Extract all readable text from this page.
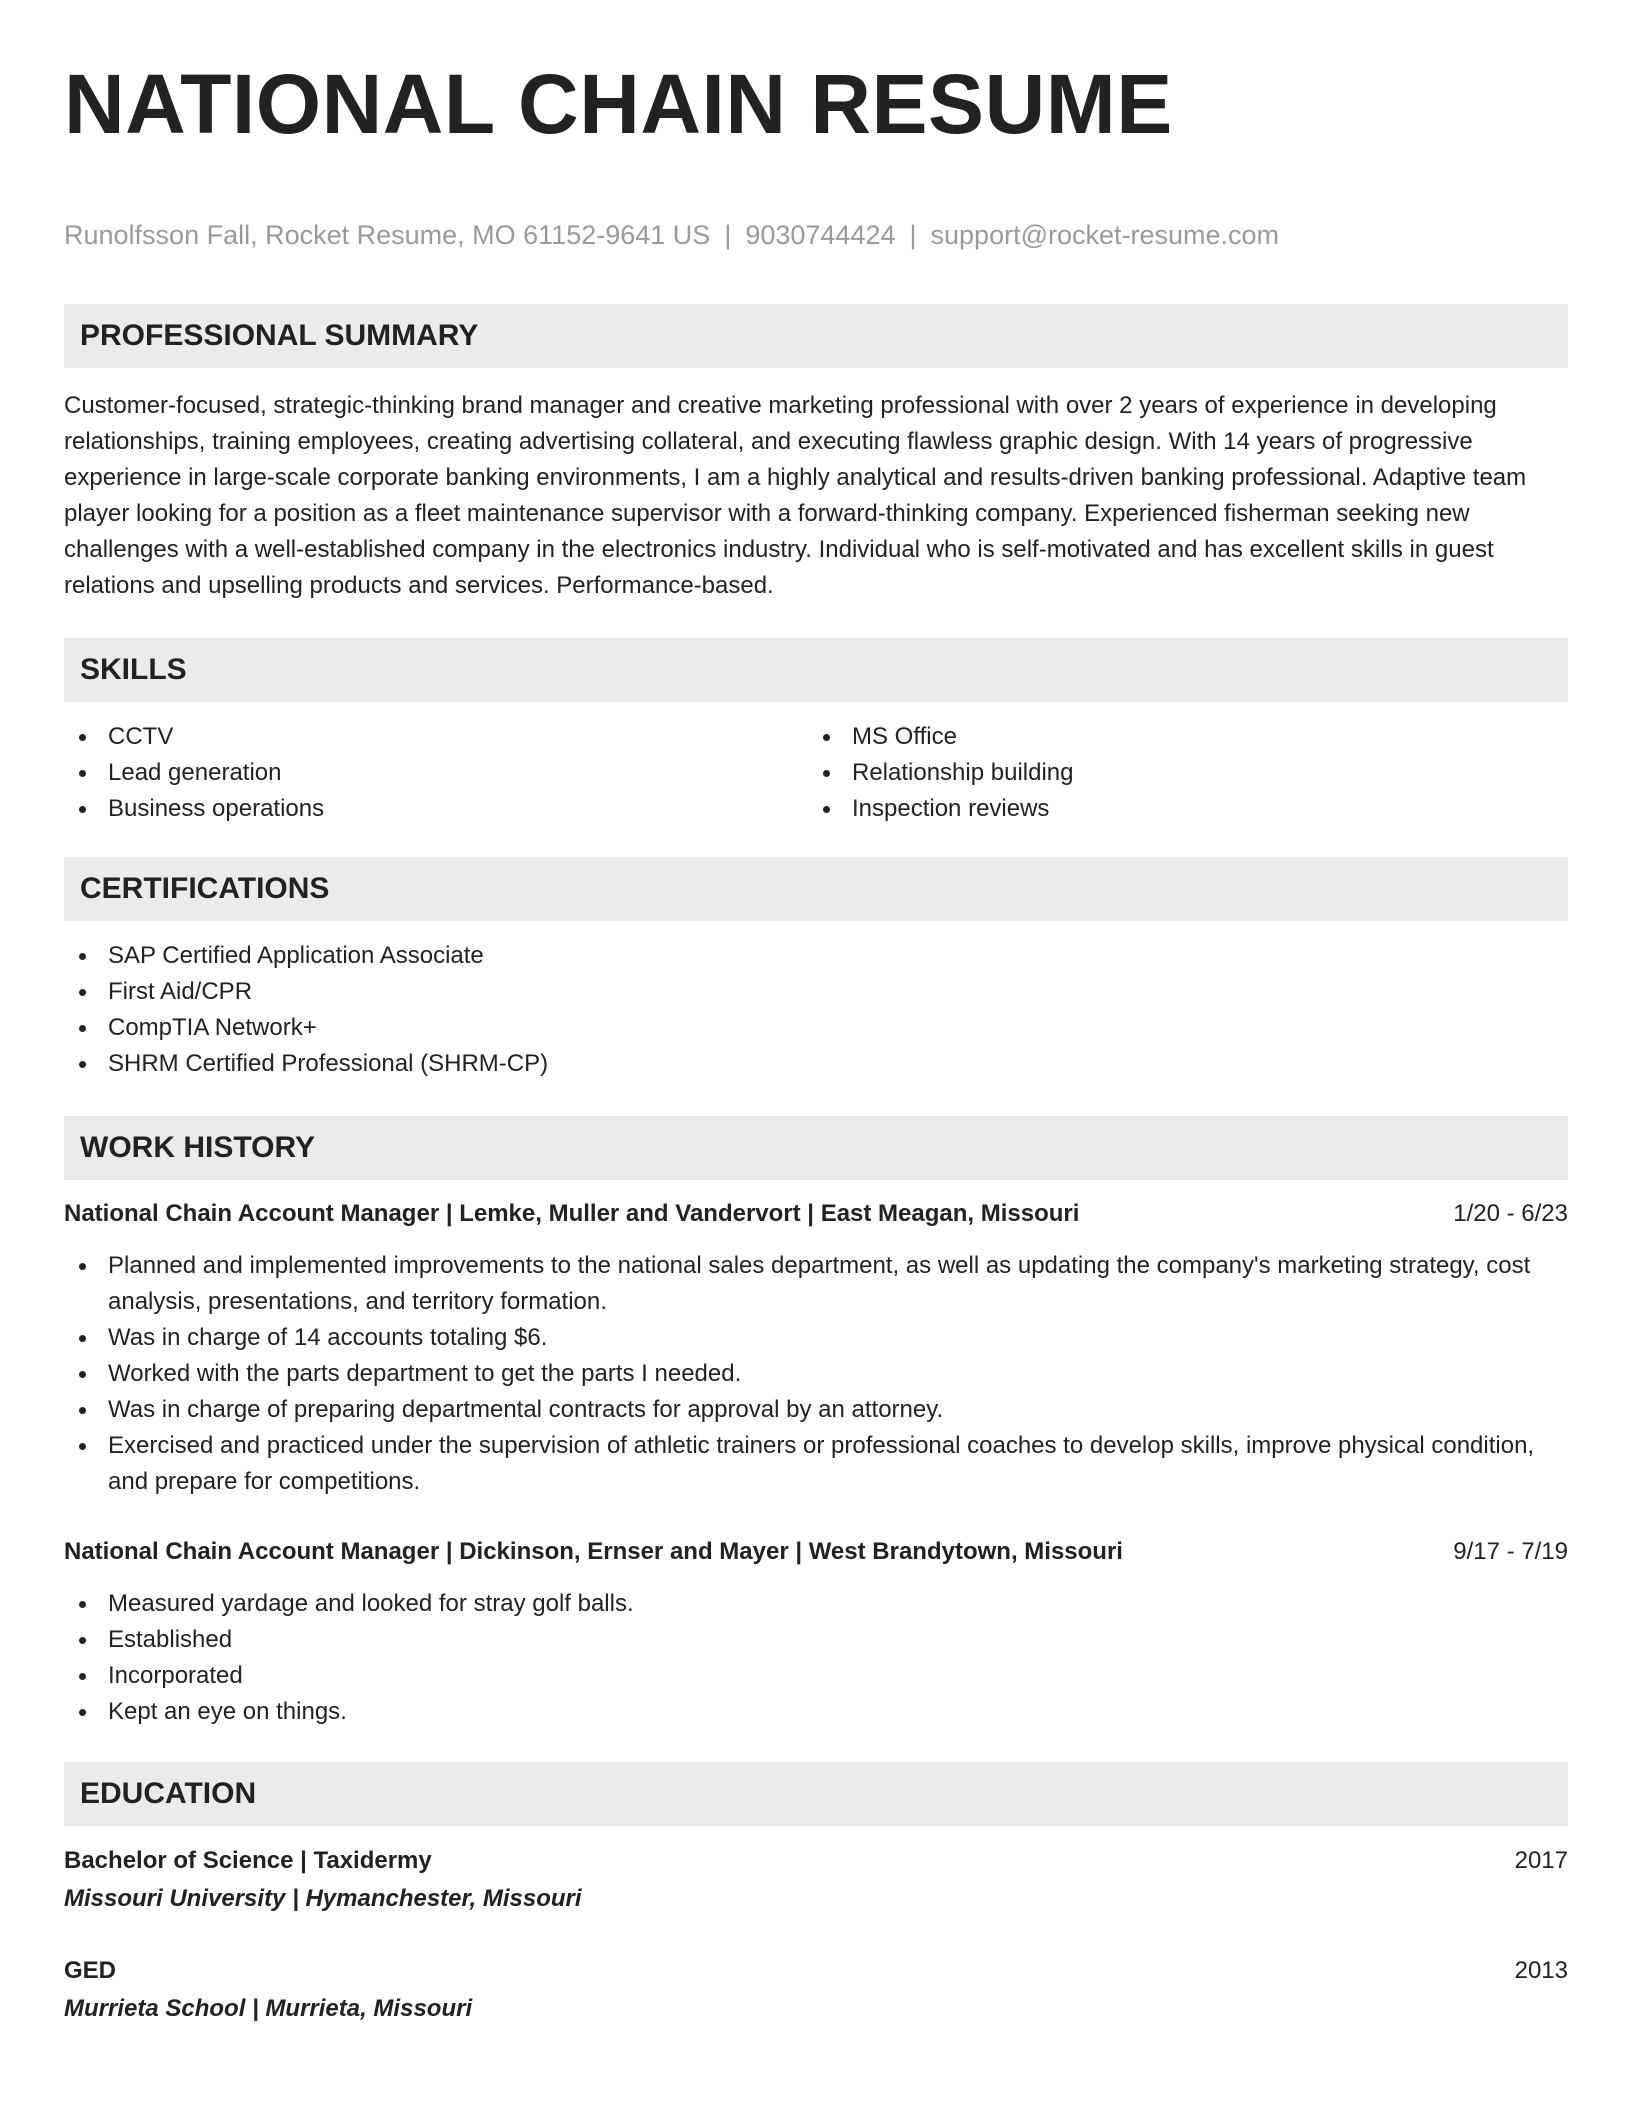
NATIONAL CHAIN RESUME
Runolfsson Fall, Rocket Resume, MO 61152-9641 US | 9030744424 | support@rocket-resume.com
PROFESSIONAL SUMMARY

Customer-focused, strategic-thinking brand manager and creative marketing professional with over 2 years of experience in developing relationships, training employees, creating advertising collateral, and executing flawless graphic design. With 14 years of progressive experience in large-scale corporate banking environments, I am a highly analytical and results-driven banking professional. Adaptive team player looking for a position as a fleet maintenance supervisor with a forward-thinking company. Experienced fisherman seeking new challenges with a well-established company in the electronics industry. Individual who is self-motivated and has excellent skills in guest relations and upselling products and services. Performance-based.

SKILLS
CCTV
Lead generation
Business operations
MS Office
Relationship building
Inspection reviews
CERTIFICATIONS
SAP Certified Application Associate
First Aid/CPR
CompTIA Network+
SHRM Certified Professional (SHRM-CP)
WORK HISTORY
National Chain Account Manager | Lemke, Muller and Vandervort | East Meagan, Missouri	1/20 - 6/23
Planned and implemented improvements to the national sales department, as well as updating the company's marketing strategy, cost analysis, presentations, and territory formation.
Was in charge of 14 accounts totaling $6.
Worked with the parts department to get the parts I needed.
Was in charge of preparing departmental contracts for approval by an attorney.
Exercised and practiced under the supervision of athletic trainers or professional coaches to develop skills, improve physical condition, and prepare for competitions.
National Chain Account Manager | Dickinson, Ernser and Mayer | West Brandytown, Missouri	9/17 - 7/19
Measured yardage and looked for stray golf balls.
Established
Incorporated
Kept an eye on things.
EDUCATION
Bachelor of Science | Taxidermy	2017
Missouri University | Hymanchester, Missouri
GED	2013
Murrieta School | Murrieta, Missouri
